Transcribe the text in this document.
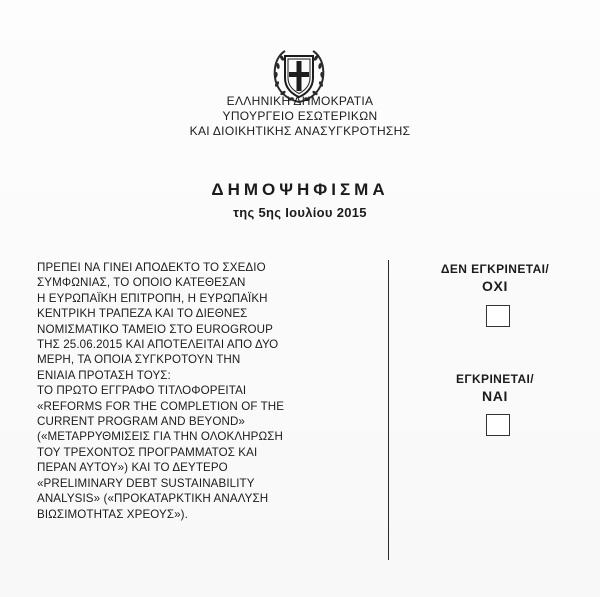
ΕΛΛΗΝΙΚΗ ΔΗΜΟΚΡΑΤΙΑ
ΥΠΟΥΡΓΕΙΟ ΕΣΩΤΕΡΙΚΩΝ
ΚΑΙ ΔΙΟΙΚΗΤΙΚΗΣ ΑΝΑΣΥΓΚΡΟΤΗΣΗΣ
ΔΗΜΟΨΗΦΙΣΜΑ
της 5ης Ιουλίου 2015
ΠΡΕΠΕΙ ΝΑ ΓΙΝΕΙ ΑΠΟΔΕΚΤΟ ΤΟ ΣΧΕΔΙΟ
ΣΥΜΦΩΝΙΑΣ, ΤΟ ΟΠΟΙΟ ΚΑΤΕΘΕΣΑΝ
Η ΕΥΡΩΠΑΪΚΗ ΕΠΙΤΡΟΠΗ, Η ΕΥΡΩΠΑΪΚΗ
ΚΕΝΤΡΙΚΗ ΤΡΑΠΕΖΑ ΚΑΙ ΤΟ ΔΙΕΘΝΕΣ
ΝΟΜΙΣΜΑΤΙΚΟ ΤΑΜΕΙΟ ΣΤΟ EUROGROUP
ΤΗΣ 25.06.2015 ΚΑΙ ΑΠΟΤΕΛΕΙΤΑΙ ΑΠΟ ΔΥΟ
ΜΕΡΗ, ΤΑ ΟΠΟΙΑ ΣΥΓΚΡΟΤΟΥΝ ΤΗΝ
ΕΝΙΑΙΑ ΠΡΟΤΑΣΗ ΤΟΥΣ:
ΤΟ ΠΡΩΤΟ ΕΓΓΡΑΦΟ ΤΙΤΛΟΦΟΡΕΙΤΑΙ
«REFORMS FOR THE COMPLETION OF THE
CURRENT PROGRAM AND BEYOND»
(«ΜΕΤΑΡΡΥΘΜΙΣΕΙΣ ΓΙΑ ΤΗΝ ΟΛΟΚΛΗΡΩΣΗ
ΤΟΥ ΤΡΕΧΟΝΤΟΣ ΠΡΟΓΡΑΜΜΑΤΟΣ ΚΑΙ
ΠΕΡΑΝ ΑΥΤΟΥ») ΚΑΙ ΤΟ ΔΕΥΤΕΡΟ
«PRELIMINARY DEBT SUSTAINABILITY
ANALYSIS» («ΠΡΟΚΑΤΑΡΚΤΙΚΗ ΑΝΑΛΥΣΗ
ΒΙΩΣΙΜΟΤΗΤΑΣ ΧΡΕΟΥΣ»).
ΔΕΝ ΕΓΚΡΙΝΕΤΑΙ/
ΟΧΙ
ΕΓΚΡΙΝΕΤΑΙ/
ΝΑΙ
